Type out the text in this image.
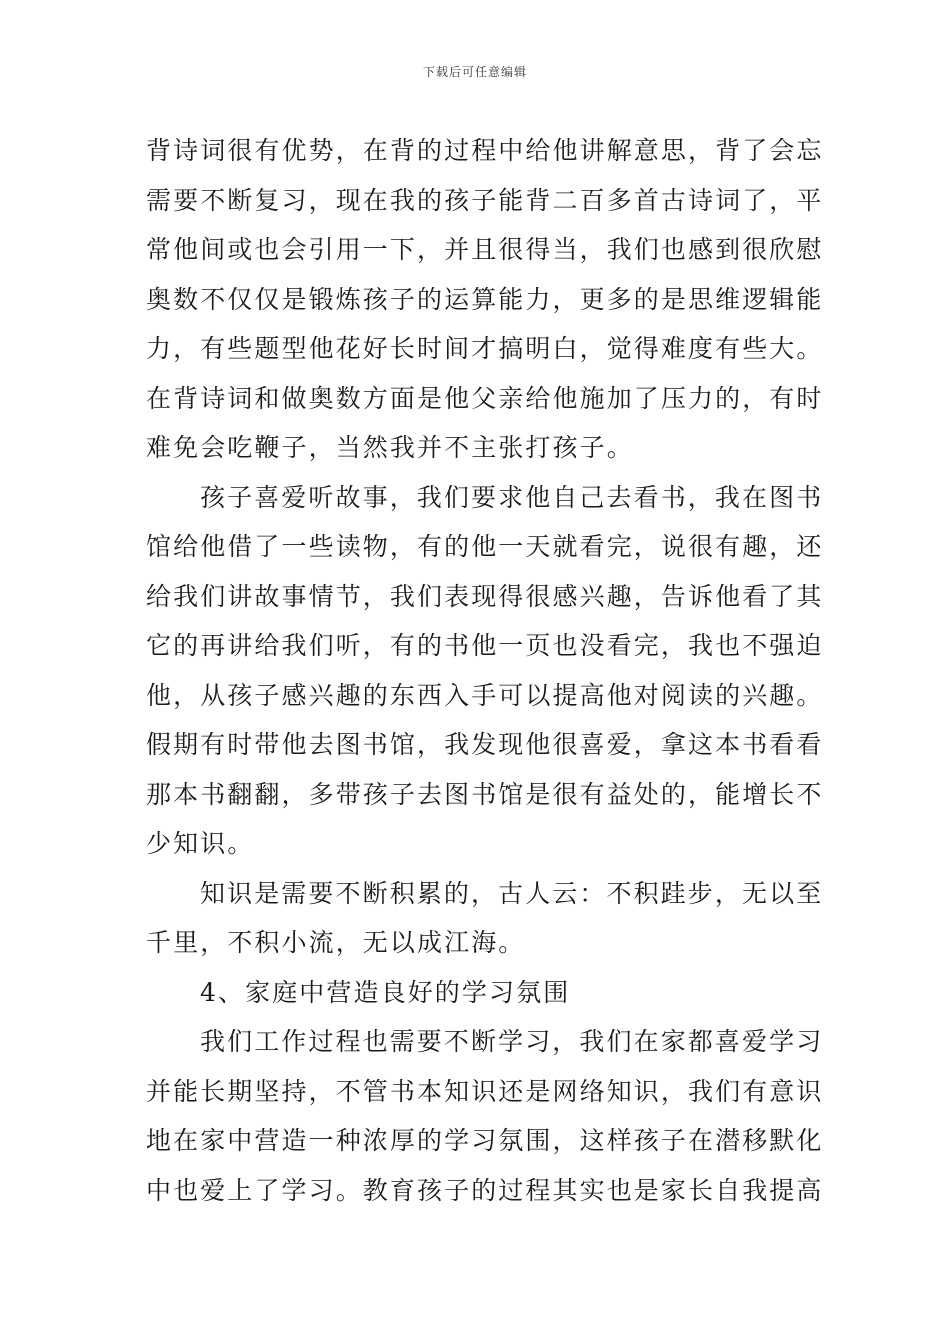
下载后可任意编辑
背诗词很有优势，在背的过程中给他讲解意思，背了会忘
需要不断复习，现在我的孩子能背二百多首古诗词了，平
常他间或也会引用一下，并且很得当，我们也感到很欣慰
奥数不仅仅是锻炼孩子的运算能力，更多的是思维逻辑能
力，有些题型他花好长时间才搞明白，觉得难度有些大。
在背诗词和做奥数方面是他父亲给他施加了压力的，有时
难免会吃鞭子，当然我并不主张打孩子。
孩子喜爱听故事，我们要求他自己去看书，我在图书
馆给他借了一些读物，有的他一天就看完，说很有趣，还
给我们讲故事情节，我们表现得很感兴趣，告诉他看了其
它的再讲给我们听，有的书他一页也没看完，我也不强迫
他，从孩子感兴趣的东西入手可以提高他对阅读的兴趣。
假期有时带他去图书馆，我发现他很喜爱，拿这本书看看
那本书翻翻，多带孩子去图书馆是很有益处的，能增长不
少知识。
知识是需要不断积累的，古人云：不积跬步，无以至
千里，不积小流，无以成江海。
4、家庭中营造良好的学习氛围
我们工作过程也需要不断学习，我们在家都喜爱学习
并能长期坚持，不管书本知识还是网络知识，我们有意识
地在家中营造一种浓厚的学习氛围，这样孩子在潜移默化
中也爱上了学习。教育孩子的过程其实也是家长自我提高
